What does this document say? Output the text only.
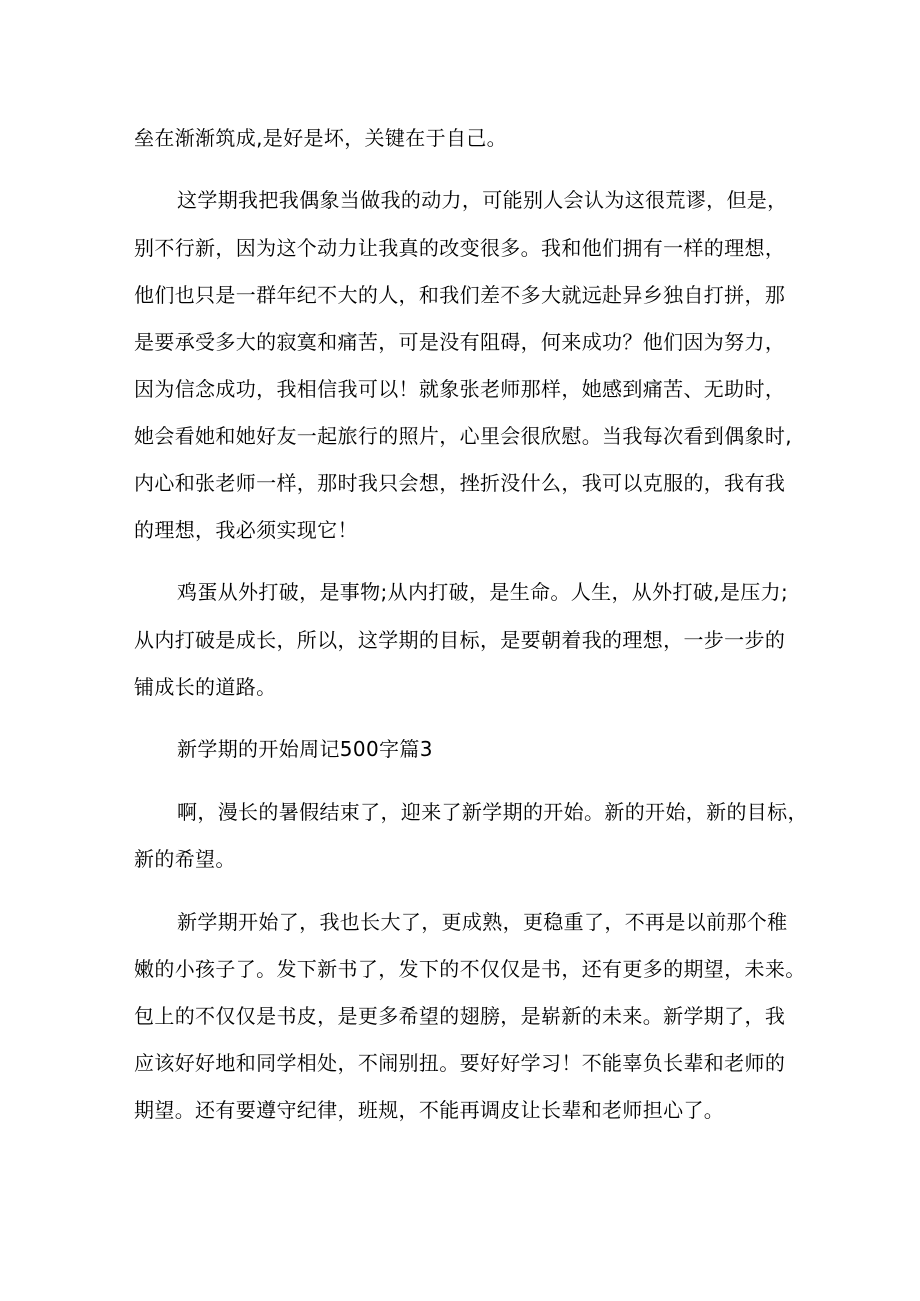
垒在渐渐筑成,是好是坏，关键在于自己。
这学期我把我偶象当做我的动力，可能别人会认为这很荒谬，但是，
别不行新，因为这个动力让我真的改变很多。我和他们拥有一样的理想，
他们也只是一群年纪不大的人，和我们差不多大就远赴异乡独自打拼，那
是要承受多大的寂寞和痛苦，可是没有阻碍，何来成功？他们因为努力，
因为信念成功，我相信我可以！就象张老师那样，她感到痛苦、无助时，
她会看她和她好友一起旅行的照片，心里会很欣慰。当我每次看到偶象时,
内心和张老师一样，那时我只会想，挫折没什么，我可以克服的，我有我
的理想，我必须实现它！
鸡蛋从外打破，是事物;从内打破，是生命。人生，从外打破,是压力;
从内打破是成长，所以，这学期的目标，是要朝着我的理想，一步一步的
铺成长的道路。
新学期的开始周记500字篇3
啊，漫长的暑假结束了，迎来了新学期的开始。新的开始，新的目标，
新的希望。
新学期开始了，我也长大了，更成熟，更稳重了，不再是以前那个稚
嫩的小孩子了。发下新书了，发下的不仅仅是书，还有更多的期望，未来。
包上的不仅仅是书皮，是更多希望的翅膀，是崭新的未来。新学期了，我
应该好好地和同学相处，不闹别扭。要好好学习！不能辜负长辈和老师的
期望。还有要遵守纪律，班规，不能再调皮让长辈和老师担心了。
